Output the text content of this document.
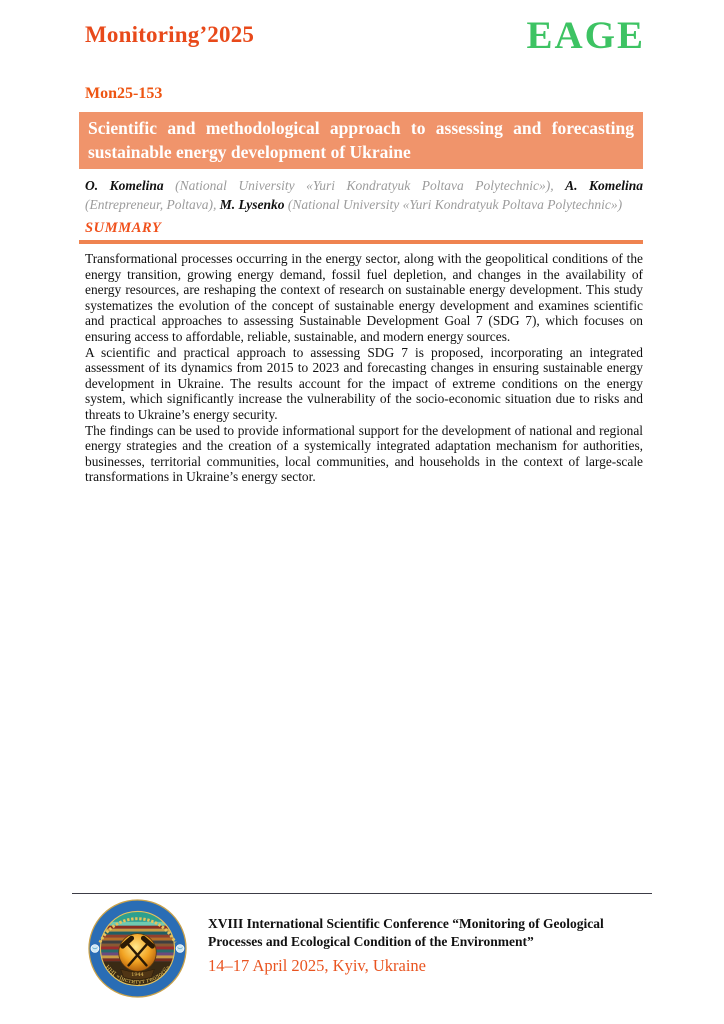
Monitoring’2025	EAGE
Mon25-153
Scientific and methodological approach to assessing and forecasting sustainable energy development of Ukraine

O. Komelina (National University «Yuri Kondratyuk Poltava Polytechnic»), A. Komelina (Entrepreneur, Poltava), M. Lysenko (National University «Yuri Kondratyuk Poltava Polytechnic»)

SUMMARY

Transformational processes occurring in the energy sector, along with the geopolitical conditions of the energy transition, growing energy demand, fossil fuel depletion, and changes in the availability of energy resources, are reshaping the context of research on sustainable energy development. This study systematizes the evolution of the concept of sustainable energy development and examines scientific and practical approaches to assessing Sustainable Development Goal 7 (SDG 7), which focuses on ensuring access to affordable, reliable, sustainable, and modern energy sources.

A scientific and practical approach to assessing SDG 7 is proposed, incorporating an integrated assessment of its dynamics from 2015 to 2023 and forecasting changes in ensuring sustainable energy development in Ukraine. The results account for the impact of extreme conditions on the energy system, which significantly increase the vulnerability of the socio-economic situation due to risks and threats to Ukraine’s energy security.

The findings can be used to provide informational support for the development of national and regional energy strategies and the creation of a systemically integrated adaptation mechanism for authorities, businesses, territorial communities, local communities, and households in the context of large-scale transformations in Ukraine’s energy sector.

1944
ННІ «Інститут геології»
XVIII International Scientific Conference “Monitoring of Geological Processes and Ecological Condition of the Environment”
14–17 April 2025, Kyiv, Ukraine
